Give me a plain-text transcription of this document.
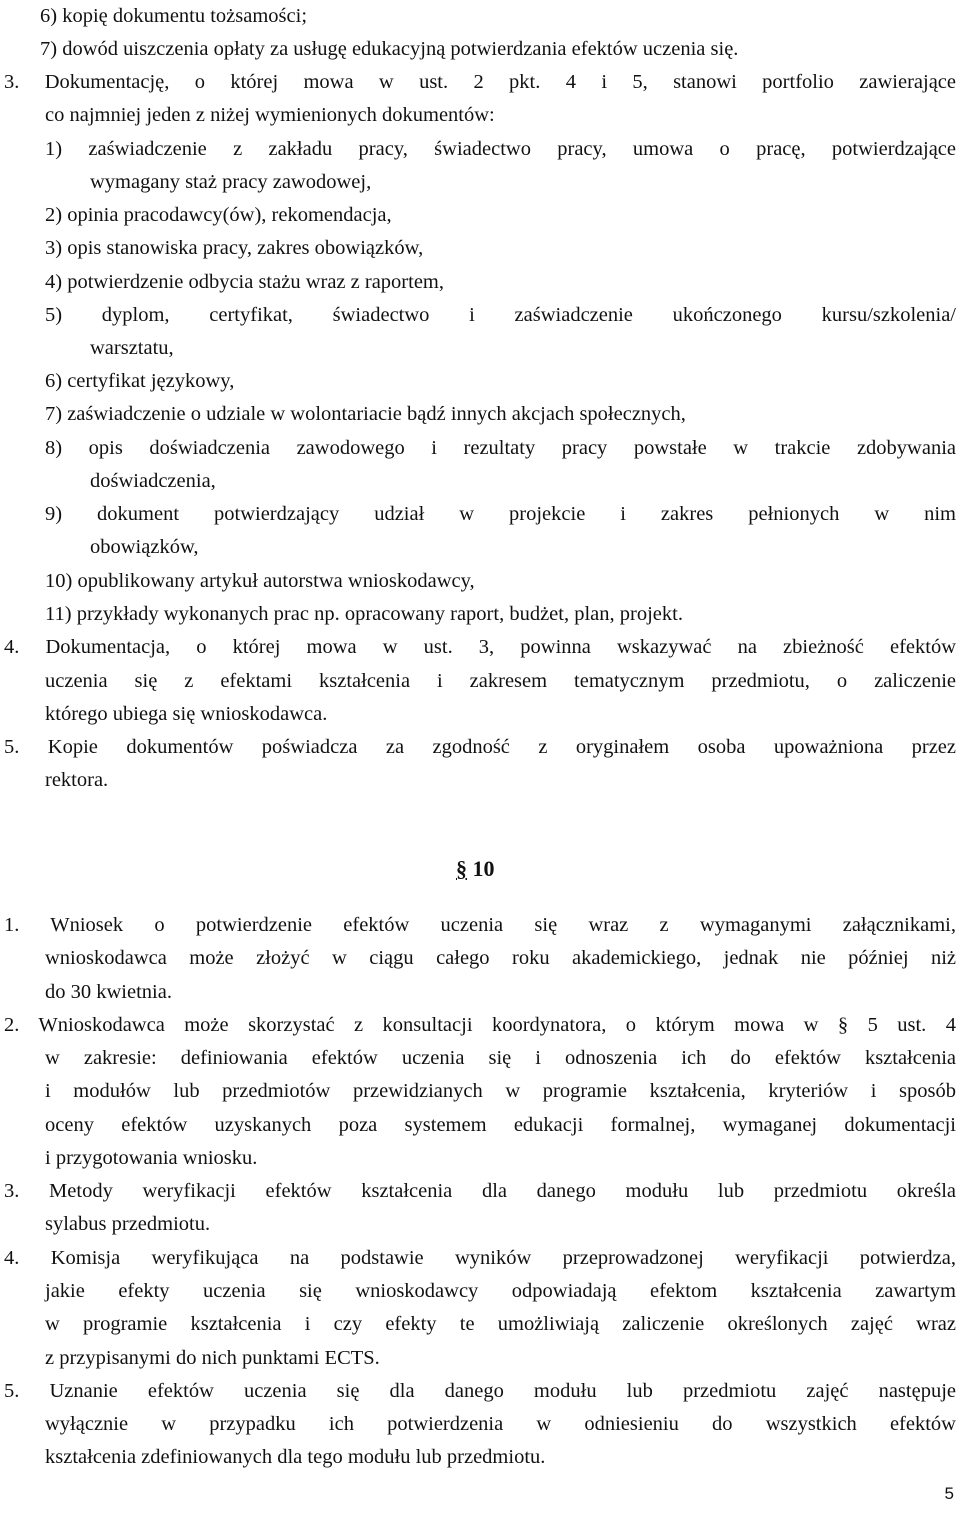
6) kopię dokumentu tożsamości;
7) dowód uiszczenia opłaty za usługę edukacyjną potwierdzania efektów uczenia się.
3. Dokumentację, o której mowa w ust. 2 pkt. 4 i 5, stanowi portfolio zawierające
co najmniej jeden z niżej wymienionych dokumentów:
1) zaświadczenie z zakładu pracy, świadectwo pracy, umowa o pracę, potwierdzające
wymagany staż pracy zawodowej,
2) opinia pracodawcy(ów), rekomendacja,
3) opis stanowiska pracy, zakres obowiązków,
4) potwierdzenie odbycia stażu wraz z raportem,
5) dyplom, certyfikat, świadectwo i zaświadczenie ukończonego kursu/szkolenia/
warsztatu,
6) certyfikat językowy,
7) zaświadczenie o udziale w wolontariacie bądź innych akcjach społecznych,
8) opis doświadczenia zawodowego i rezultaty pracy powstałe w trakcie zdobywania
doświadczenia,
9) dokument potwierdzający udział w projekcie i zakres pełnionych w nim
obowiązków,
10) opublikowany artykuł autorstwa wnioskodawcy,
11) przykłady wykonanych prac np. opracowany raport, budżet, plan, projekt.
4. Dokumentacja, o której mowa w ust. 3, powinna wskazywać na zbieżność efektów
uczenia się z efektami kształcenia i zakresem tematycznym przedmiotu, o zaliczenie
którego ubiega się wnioskodawca.
5. Kopie dokumentów poświadcza za zgodność z oryginałem osoba upoważniona przez
rektora.
§ 10
1. Wniosek o potwierdzenie efektów uczenia się wraz z wymaganymi załącznikami,
wnioskodawca może złożyć w ciągu całego roku akademickiego, jednak nie później niż
do 30 kwietnia.
2. Wnioskodawca może skorzystać z konsultacji koordynatora, o którym mowa w § 5 ust. 4
w zakresie: definiowania efektów uczenia się i odnoszenia ich do efektów kształcenia
i modułów lub przedmiotów przewidzianych w programie kształcenia, kryteriów i sposób
oceny efektów uzyskanych poza systemem edukacji formalnej, wymaganej dokumentacji
i przygotowania wniosku.
3. Metody weryfikacji efektów kształcenia dla danego modułu lub przedmiotu określa
sylabus przedmiotu.
4. Komisja weryfikująca na podstawie wyników przeprowadzonej weryfikacji potwierdza,
jakie efekty uczenia się wnioskodawcy odpowiadają efektom kształcenia zawartym
w programie kształcenia i czy efekty te umożliwiają zaliczenie określonych zajęć wraz
z przypisanymi do nich punktami ECTS.
5. Uznanie efektów uczenia się dla danego modułu lub przedmiotu zajęć następuje
wyłącznie w przypadku ich potwierdzenia w odniesieniu do wszystkich efektów
kształcenia zdefiniowanych dla tego modułu lub przedmiotu.
5
